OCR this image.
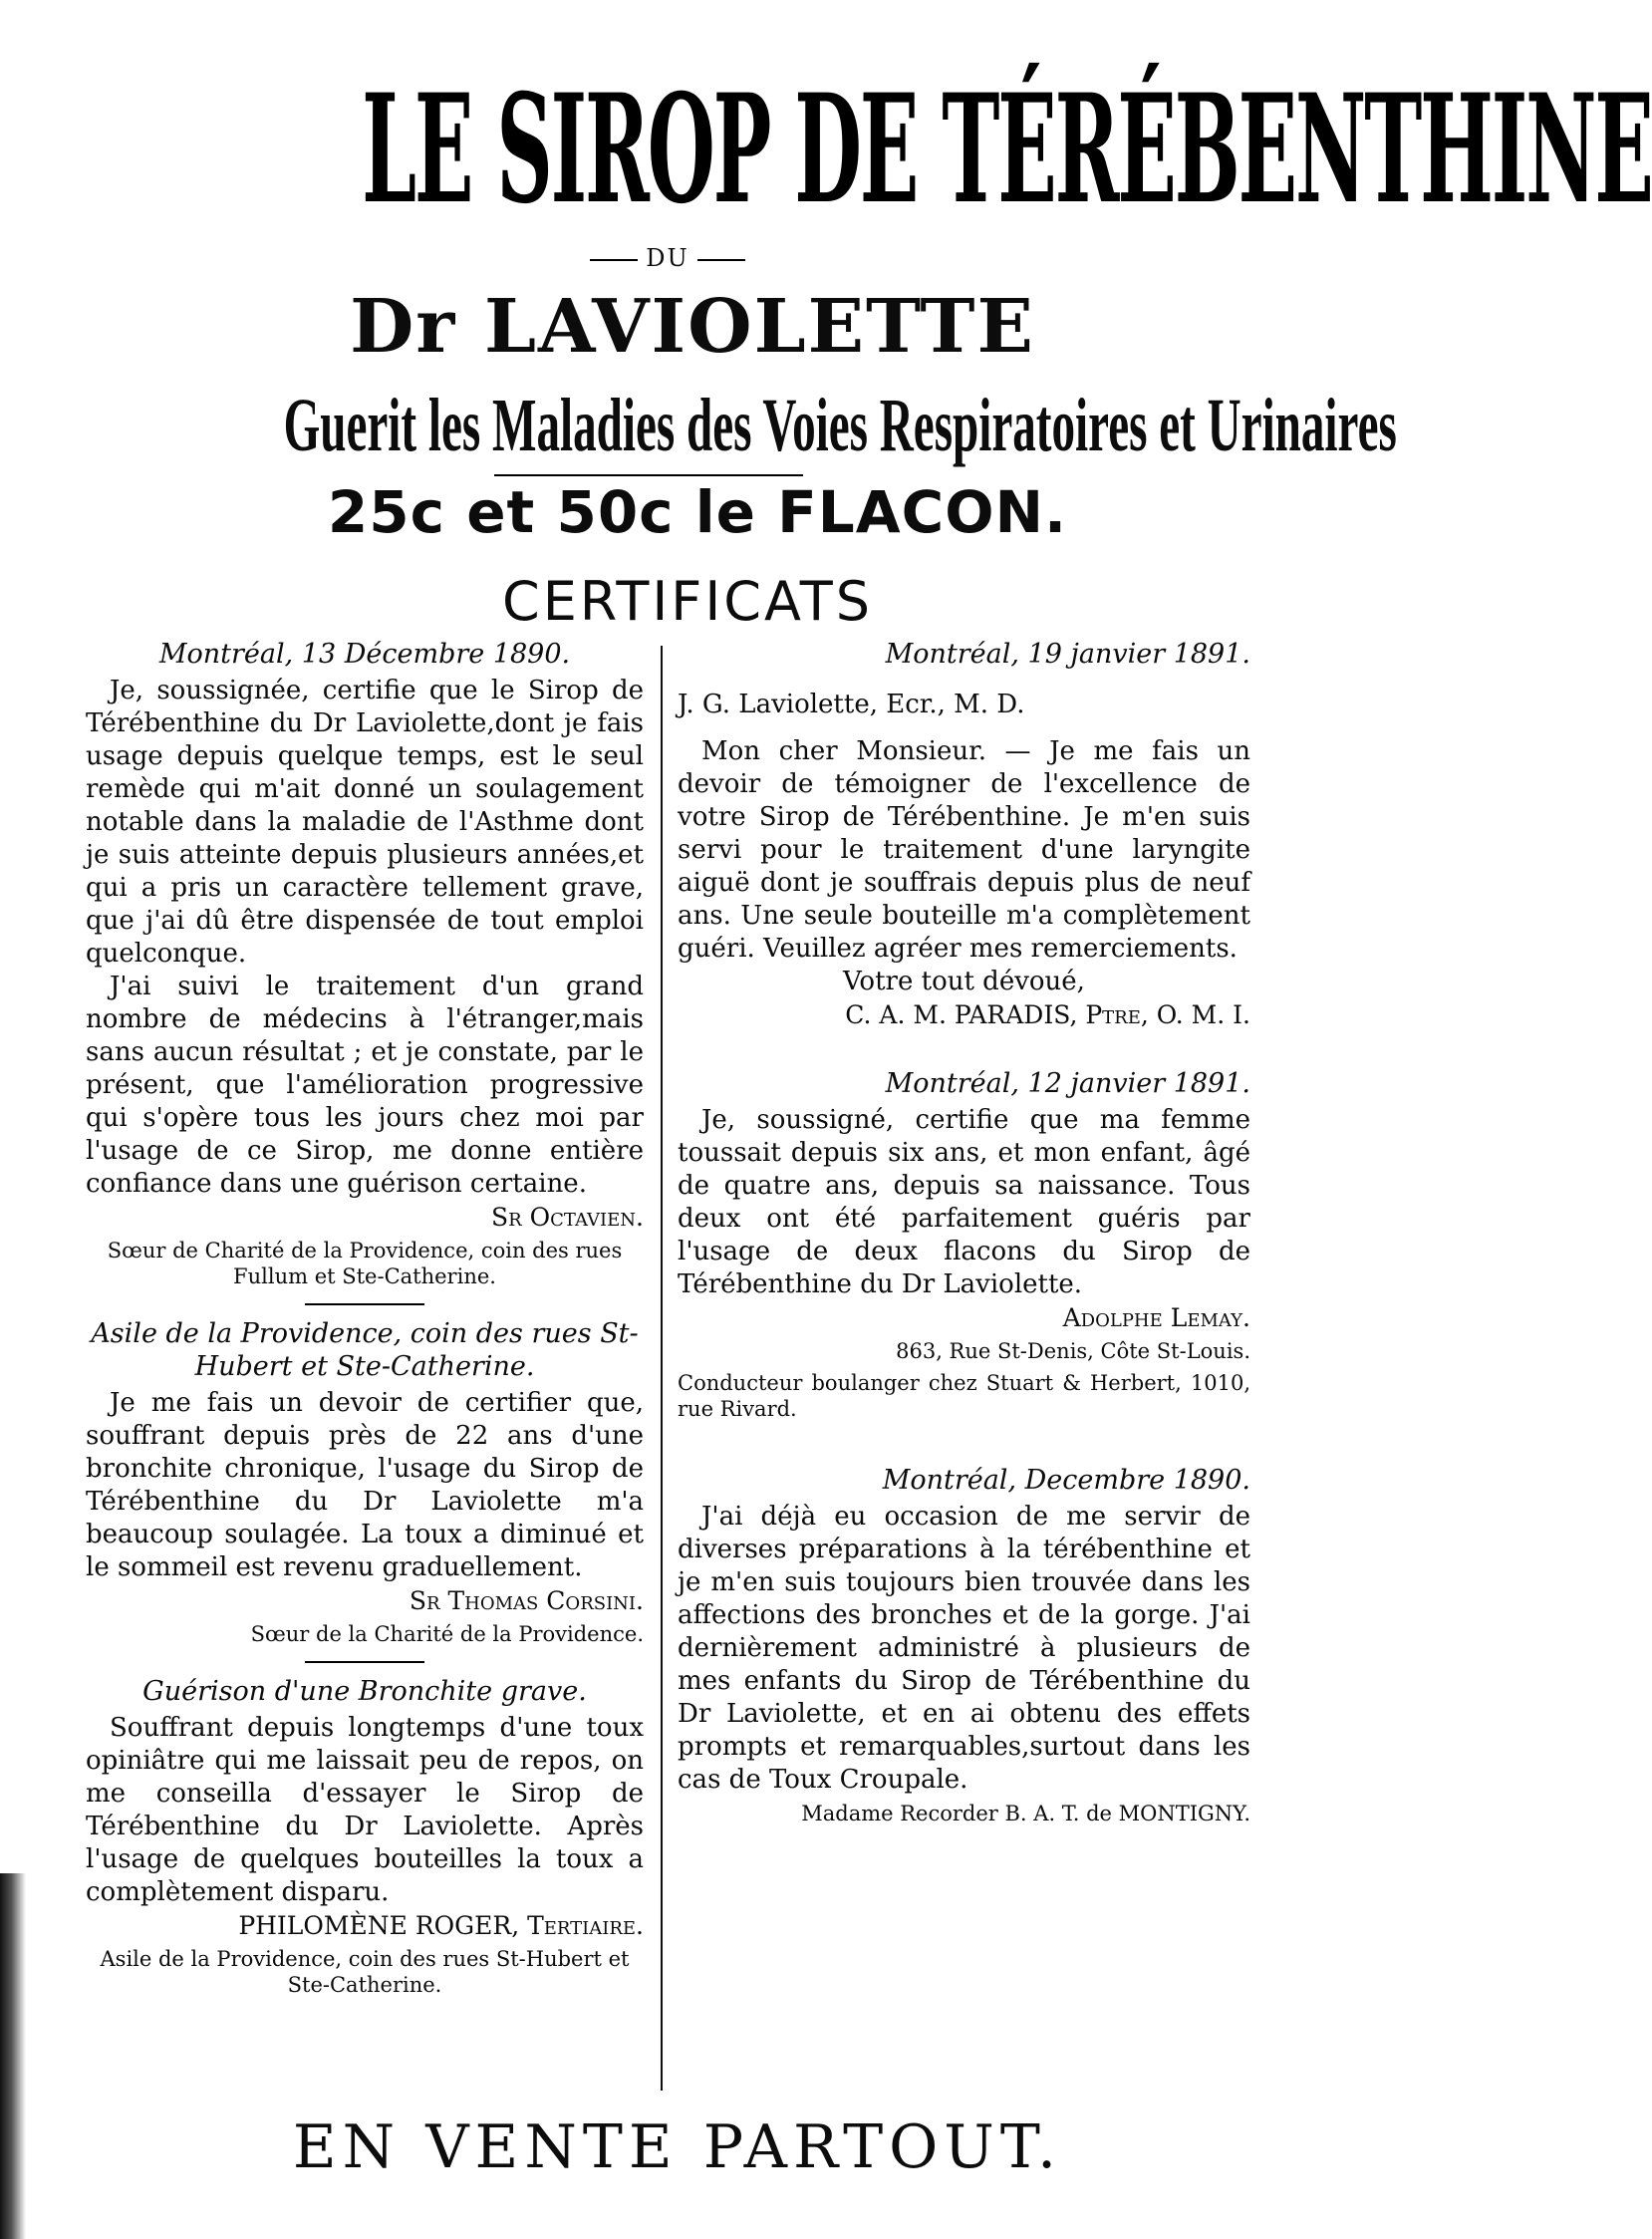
LE SIROP DE TÉRÉBENTHINE
DU
Dr LAVIOLETTE
Guerit les Maladies des Voies Respiratoires et Urinaires
25c et 50c le FLACON.
CERTIFICATS
Montréal, 13 Décembre 1890.

Je, soussignée, certifie que le Sirop de Térébenthine du Dr Laviolette,dont je fais usage depuis quelque temps, est le seul remède qui m'ait donné un soulagement notable dans la maladie de l'Asthme dont je suis atteinte depuis plusieurs années,et qui a pris un caractère tellement grave, que j'ai dû être dispensée de tout emploi quelconque.

J'ai suivi le traitement d'un grand nombre de médecins à l'étranger,mais sans aucun résultat ; et je constate, par le présent, que l'amélioration progressive qui s'opère tous les jours chez moi par l'usage de ce Sirop, me donne entière confiance dans une guérison certaine.

Sr Octavien.

Sœur de Charité de la Providence, coin des rues Fullum et Ste-Catherine.

Asile de la Providence, coin des rues St-Hubert et Ste-Catherine.

Je me fais un devoir de certifier que, souffrant depuis près de 22 ans d'une bronchite chronique, l'usage du Sirop de Térébenthine du Dr Laviolette m'a beaucoup soulagée. La toux a diminué et le sommeil est revenu graduellement.

Sr Thomas Corsini.

Sœur de la Charité de la Providence.

Guérison d'une Bronchite grave.

Souffrant depuis longtemps d'une toux opiniâtre qui me laissait peu de repos, on me conseilla d'essayer le Sirop de Térébenthine du Dr Laviolette. Après l'usage de quelques bouteilles la toux a complètement disparu.

PHILOMÈNE ROGER, Tertiaire.

Asile de la Providence, coin des rues St-Hubert et Ste-Catherine.

Montréal, 19 janvier 1891.

J. G. Laviolette, Ecr., M. D.

Mon cher Monsieur. — Je me fais un devoir de témoigner de l'excellence de votre Sirop de Térébenthine. Je m'en suis servi pour le traitement d'une laryngite aiguë dont je souffrais depuis plus de neuf ans. Une seule bouteille m'a complètement guéri. Veuillez agréer mes remerciements.

Votre tout dévoué,

C. A. M. PARADIS, Ptre, O. M. I.

Montréal, 12 janvier 1891.

Je, soussigné, certifie que ma femme toussait depuis six ans, et mon enfant, âgé de quatre ans, depuis sa naissance. Tous deux ont été parfaitement guéris par l'usage de deux flacons du Sirop de Térébenthine du Dr Laviolette.

Adolphe Lemay.

863, Rue St-Denis, Côte St-Louis.

Conducteur boulanger chez Stuart & Herbert, 1010, rue Rivard.

Montréal, Decembre 1890.

J'ai déjà eu occasion de me servir de diverses préparations à la térébenthine et je m'en suis toujours bien trouvée dans les affections des bronches et de la gorge. J'ai dernièrement administré à plusieurs de mes enfants du Sirop de Térébenthine du Dr Laviolette, et en ai obtenu des effets prompts et remarquables,surtout dans les cas de Toux Croupale.

Madame Recorder B. A. T. de MONTIGNY.

EN VENTE PARTOUT.
